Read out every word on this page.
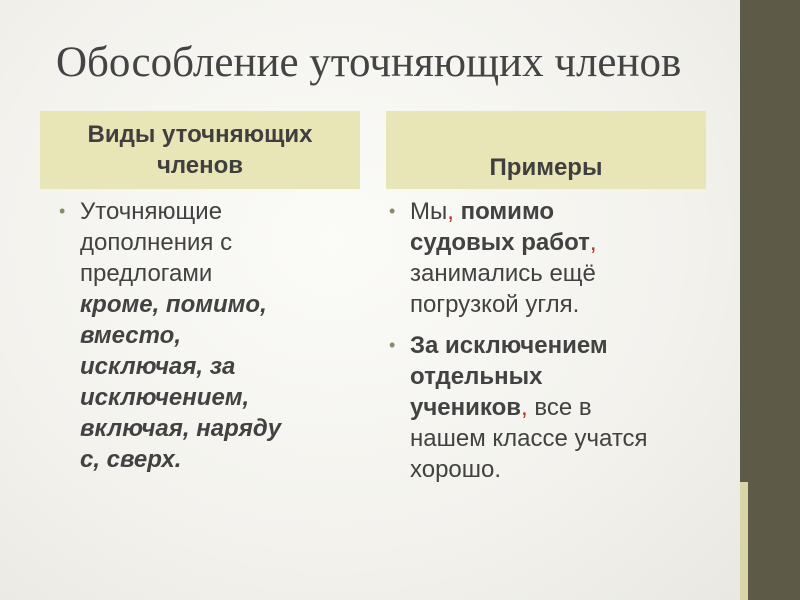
Обособление уточняющих членов
Виды уточняющих
членов	Примеры
• Уточняющие
дополнения с
предлогами
кроме, помимо,
вместо,
исключая, за
исключением,
включая, наряду
с, сверх.
• Мы, помимо
судовых работ,
занимались ещё
погрузкой угля.
• За исключением
отдельных
учеников, все в
нашем классе учатся
хорошо.
